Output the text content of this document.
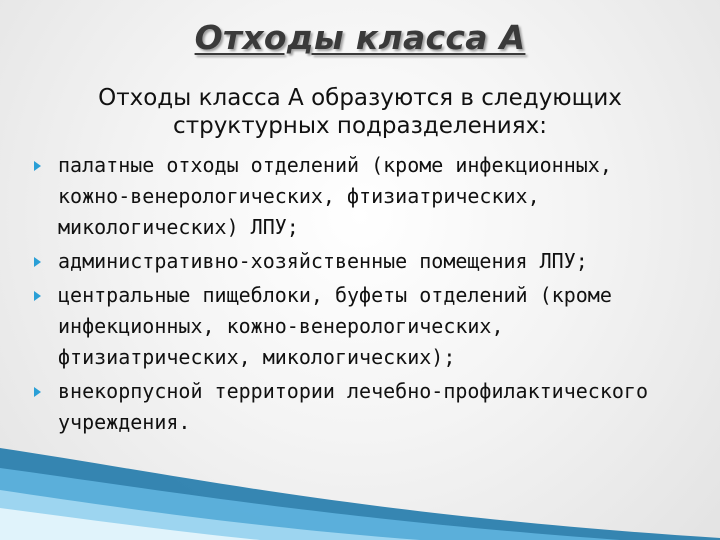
Отходы класса А
Отходы класса А образуются в следующих структурных подразделениях:
палатные отходы отделений (кроме инфекционных, кожно-венерологических, фтизиатрических, микологических) ЛПУ;
административно-хозяйственные помещения ЛПУ;
центральные пищеблоки, буфеты отделений (кроме инфекционных, кожно-венерологических, фтизиатрических, микологических);
внекорпусной территории лечебно-профилактического учреждения.
